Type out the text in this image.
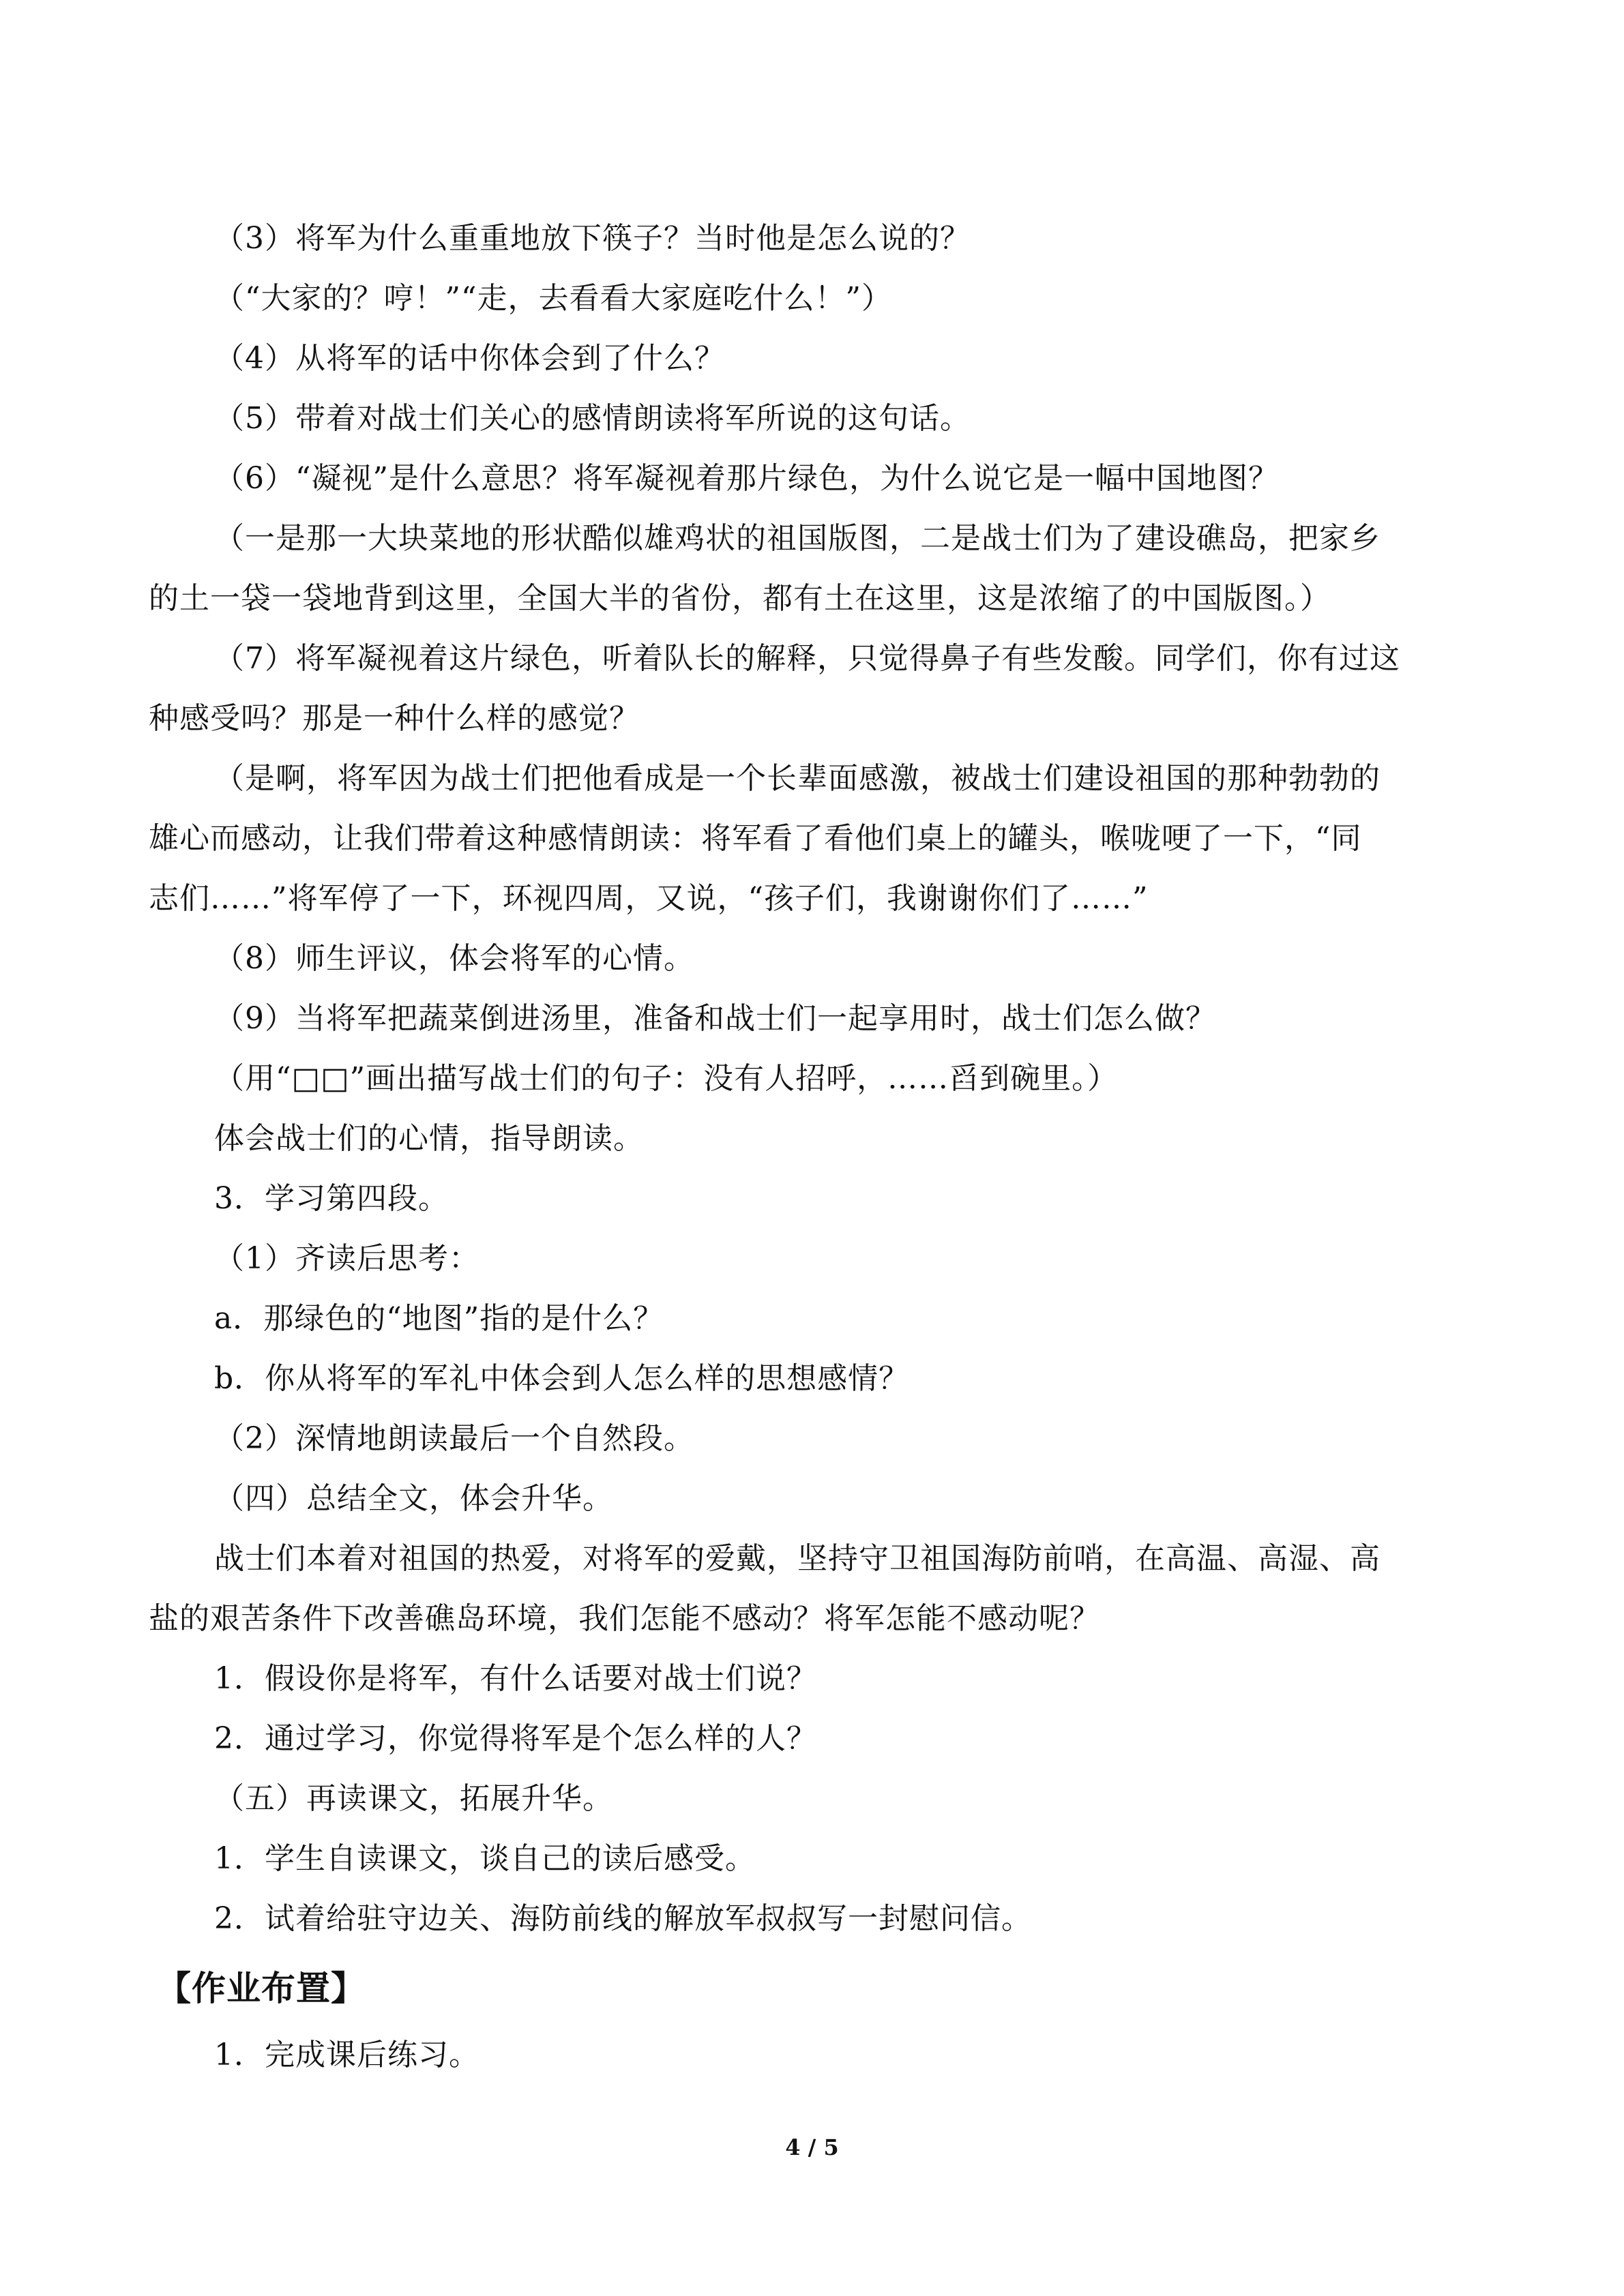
（3）将军为什么重重地放下筷子？当时他是怎么说的？

（“大家的？哼！”“走，去看看大家庭吃什么！”）

（4）从将军的话中你体会到了什么？

（5）带着对战士们关心的感情朗读将军所说的这句话。

（6）“凝视”是什么意思？将军凝视着那片绿色，为什么说它是一幅中国地图？

（一是那一大块菜地的形状酷似雄鸡状的祖国版图，二是战士们为了建设礁岛，把家乡

的土一袋一袋地背到这里，全国大半的省份，都有土在这里，这是浓缩了的中国版图。）

（7）将军凝视着这片绿色，听着队长的解释，只觉得鼻子有些发酸。同学们，你有过这

种感受吗？那是一种什么样的感觉？

（是啊，将军因为战士们把他看成是一个长辈面感激，被战士们建设祖国的那种勃勃的

雄心而感动，让我们带着这种感情朗读：将军看了看他们桌上的罐头，喉咙哽了一下，“同

志们……”将军停了一下，环视四周，又说，“孩子们，我谢谢你们了……”

（8）师生评议，体会将军的心情。

（9）当将军把蔬菜倒进汤里，准备和战士们一起享用时，战士们怎么做？

（用“□□”画出描写战士们的句子：没有人招呼，……舀到碗里。）

体会战士们的心情，指导朗读。

3．学习第四段。

（1）齐读后思考：

a．那绿色的“地图”指的是什么？

b．你从将军的军礼中体会到人怎么样的思想感情？

（2）深情地朗读最后一个自然段。

（四）总结全文，体会升华。

战士们本着对祖国的热爱，对将军的爱戴，坚持守卫祖国海防前哨，在高温、高湿、高

盐的艰苦条件下改善礁岛环境，我们怎能不感动？将军怎能不感动呢？

1．假设你是将军，有什么话要对战士们说？

2．通过学习，你觉得将军是个怎么样的人？

（五）再读课文，拓展升华。

1．学生自读课文，谈自己的读后感受。

2．试着给驻守边关、海防前线的解放军叔叔写一封慰问信。

【作业布置】

1．完成课后练习。

4 / 5
